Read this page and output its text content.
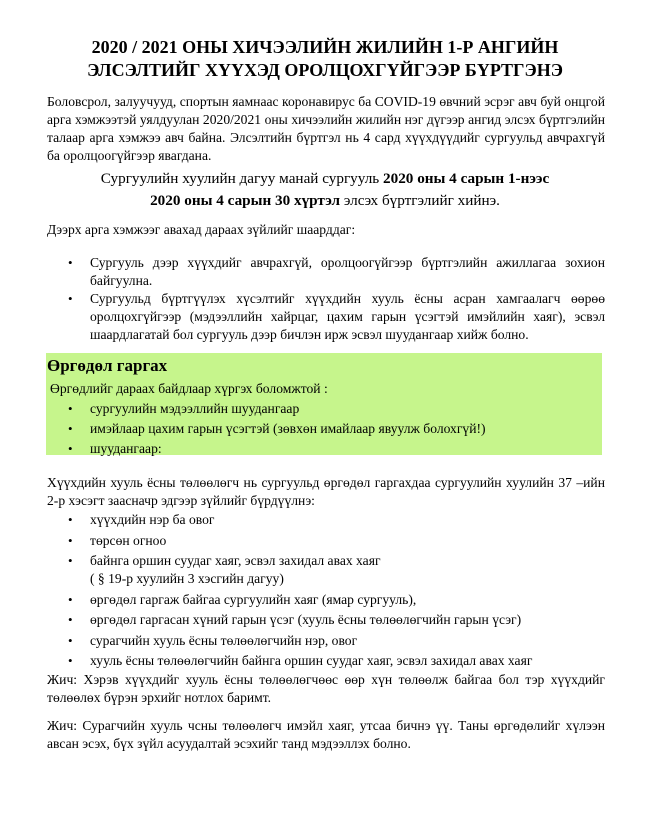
2020 / 2021 ОНЫ ХИЧЭЭЛИЙН ЖИЛИЙН 1-Р АНГИЙН
ЭЛСЭЛТИЙГ ХҮҮХЭД ОРОЛЦОХГҮЙГЭЭР БҮРТГЭНЭ

Боловсрол, залуучууд, спортын яамнаас коронавирус ба COVID-19 өвчний эсрэг авч буй онцгой арга хэмжээтэй уялдуулан 2020/2021 оны хичээлийн жилийн нэг дүгээр ангид элсэх бүртгэлийн талаар арга хэмжээ авч байна. Элсэлтийн бүртгэл нь 4 сард хүүхдүүдийг сургуульд авчрахгүй ба оролцоогүйгээр явагдана.

Сургуулийн хуулийн дагуу манай сургууль 2020 оны 4 сарын 1-нээс
2020 оны 4 сарын 30 хүртэл элсэх бүртгэлийг хийнэ.

Дээрх арга хэмжээг авахад дараах зүйлийг шаарддаг:

• Сургууль дээр хүүхдийг авчрахгүй, оролцоогүйгээр бүртгэлийн ажиллагаа зохион байгуулна.
• Сургуульд бүртгүүлэх хүсэлтийг хүүхдийн хууль ёсны асран хамгаалагч өөрөө оролцохгүйгээр (мэдээллийн хайрцаг, цахим гарын үсэгтэй имэйлийн хаяг), эсвэл шаардлагатай бол сургууль дээр бичлэн ирж эсвэл шуудангаар хийж болно.
Өргөдөл гаргах

Өргөдлийг дараах байдлаар хүргэх боломжтой :

• сургуулийн мэдээллийн шуудангаар
• имэйлаар цахим гарын үсэгтэй (зөвхөн имайлаар явуулж болохгүй!)
• шуудангаар:

Хүүхдийн хууль ёсны төлөөлөгч нь сургуульд өргөдөл гаргахдаа сургуулийн хуулийн 37 –ийн 2-р хэсэгт заасначр эдгээр зүйлийг бүрдүүлнэ:

• хүүхдийн нэр ба овог
• төрсөн огноо
• байнга оршин суудаг хаяг, эсвэл захидал авах хаяг
( § 19-р хуулийн 3 хэсгийн дагуу)
• өргөдөл гаргаж байгаа сургуулийн хаяг (ямар сургууль),
• өргөдөл гаргасан хүний гарын үсэг (хууль ёсны төлөөлөгчийн гарын үсэг)
• сурагчийн хууль ёсны төлөөлөгчийн нэр, овог
• хууль ёсны төлөөлөгчийн байнга оршин суудаг хаяг, эсвэл захидал авах хаяг

Жич: Хэрэв хүүхдийг хууль ёсны төлөөлөгчөөс өөр хүн төлөөлж байгаа бол тэр хүүхдийг төлөөлөх бүрэн эрхийг нотлох баримт.

Жич: Сурагчийн хууль чсны төлөөлөгч имэйл хаяг, утсаа бичнэ үү. Таны өргөдөлийг хүлээн авсан эсэх, бүх зүйл асуудалтай эсэхийг танд мэдээллэх болно.
